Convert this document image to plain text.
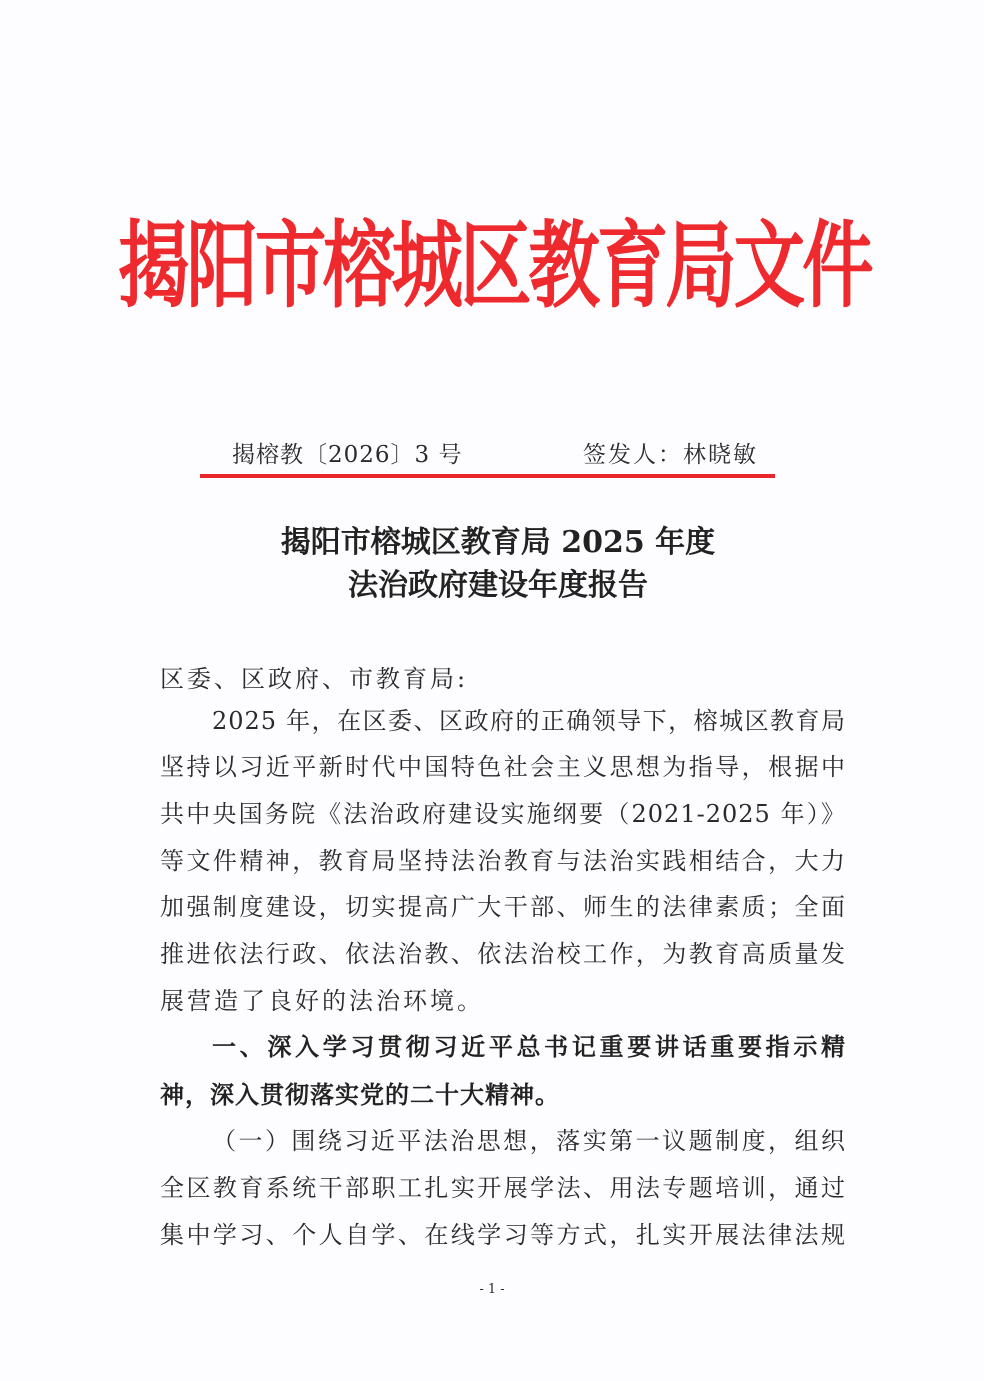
揭阳市榕城区教育局文件
揭榕教〔2026〕3 号	签发人：林晓敏
揭阳市榕城区教育局 2025 年度
法治政府建设年度报告
区委、区政府、市教育局:
2025 年，在区委、区政府的正确领导下，榕城区教育局
坚持以习近平新时代中国特色社会主义思想为指导，根据中
共中央国务院《法治政府建设实施纲要（2021-2025 年）》
等文件精神，教育局坚持法治教育与法治实践相结合，大力
加强制度建设，切实提高广大干部、师生的法律素质；全面
推进依法行政、依法治教、依法治校工作，为教育高质量发
展营造了良好的法治环境。
一、深入学习贯彻习近平总书记重要讲话重要指示精
神，深入贯彻落实党的二十大精神。
（一）围绕习近平法治思想，落实第一议题制度，组织
全区教育系统干部职工扎实开展学法、用法专题培训，通过
集中学习、个人自学、在线学习等方式，扎实开展法律法规
- 1 -
